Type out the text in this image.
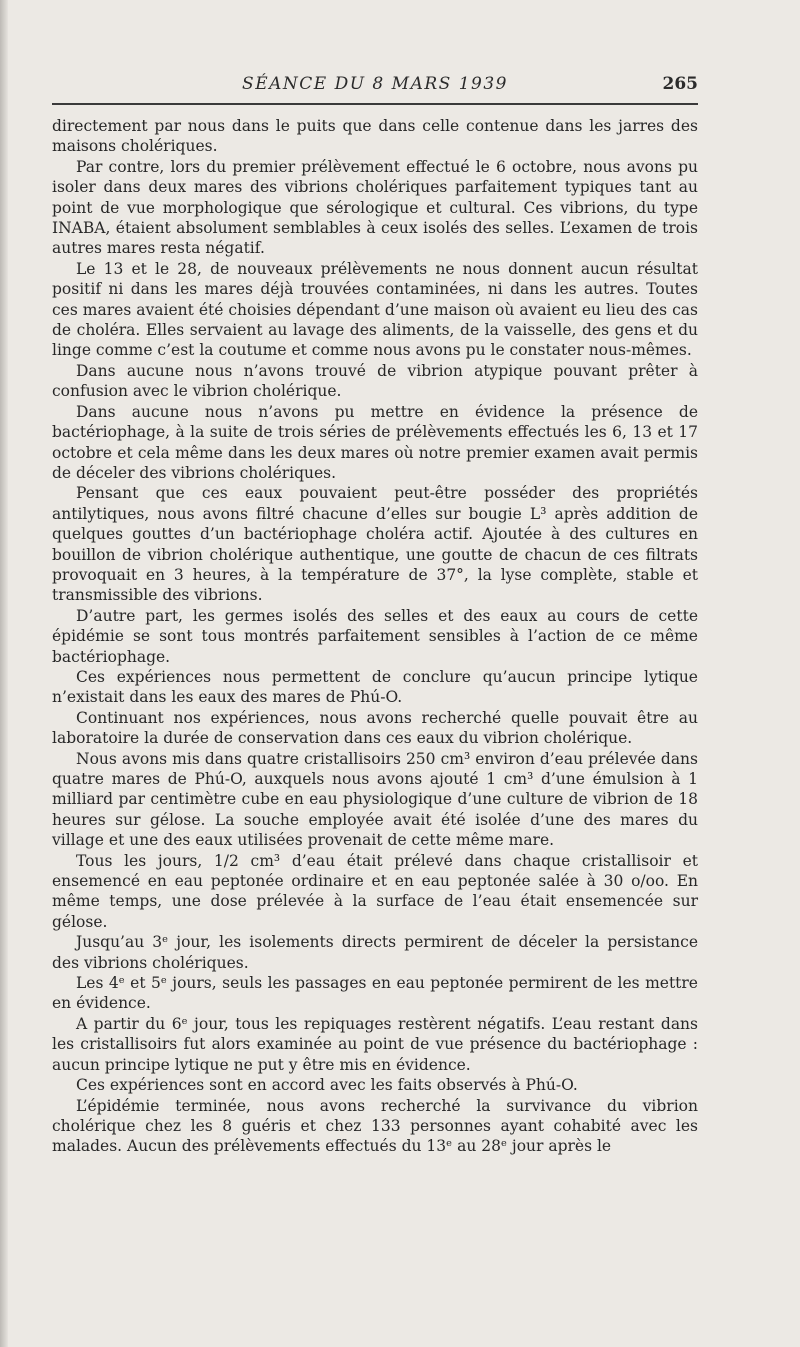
SÉANCE DU 8 MARS 1939	265

directement par nous dans le puits que dans celle contenue dans les jarres des maisons cholériques.

Par contre, lors du premier prélèvement effectué le 6 octobre, nous avons pu isoler dans deux mares des vibrions cholériques parfaitement typiques tant au point de vue morphologique que sérologique et cultural. Ces vibrions, du type INABA, étaient absolument semblables à ceux isolés des selles. L’examen de trois autres mares resta négatif.

Le 13 et le 28, de nouveaux prélèvements ne nous donnent aucun résultat positif ni dans les mares déjà trouvées contaminées, ni dans les autres. Toutes ces mares avaient été choisies dépendant d’une maison où avaient eu lieu des cas de choléra. Elles servaient au lavage des aliments, de la vaisselle, des gens et du linge comme c’est la coutume et comme nous avons pu le constater nous-mêmes.

Dans aucune nous n’avons trouvé de vibrion atypique pouvant prêter à confusion avec le vibrion cholérique.

Dans aucune nous n’avons pu mettre en évidence la présence de bactériophage, à la suite de trois séries de prélèvements effectués les 6, 13 et 17 octobre et cela même dans les deux mares où notre premier examen avait permis de déceler des vibrions cholériques.

Pensant que ces eaux pouvaient peut-être posséder des propriétés antilytiques, nous avons filtré chacune d’elles sur bougie L³ après addition de quelques gouttes d’un bactériophage choléra actif. Ajoutée à des cultures en bouillon de vibrion cholérique authentique, une goutte de chacun de ces filtrats provoquait en 3 heures, à la température de 37°, la lyse complète, stable et transmissible des vibrions.

D’autre part, les germes isolés des selles et des eaux au cours de cette épidémie se sont tous montrés parfaitement sensibles à l’action de ce même bactériophage.

Ces expériences nous permettent de conclure qu’aucun principe lytique n’existait dans les eaux des mares de Phú-O.

Continuant nos expériences, nous avons recherché quelle pouvait être au laboratoire la durée de conservation dans ces eaux du vibrion cholérique.

Nous avons mis dans quatre cristallisoirs 250 cm³ environ d’eau prélevée dans quatre mares de Phú-O, auxquels nous avons ajouté 1 cm³ d’une émulsion à 1 milliard par centimètre cube en eau physiologique d’une culture de vibrion de 18 heures sur gélose. La souche employée avait été isolée d’une des mares du village et une des eaux utilisées provenait de cette même mare.

Tous les jours, 1/2 cm³ d’eau était prélevé dans chaque cristallisoir et ensemencé en eau peptonée ordinaire et en eau peptonée salée à 30 o/oo. En même temps, une dose prélevée à la surface de l’eau était ensemencée sur gélose.

Jusqu’au 3ᵉ jour, les isolements directs permirent de déceler la persistance des vibrions cholériques.

Les 4ᵉ et 5ᵉ jours, seuls les passages en eau peptonée permirent de les mettre en évidence.

A partir du 6ᵉ jour, tous les repiquages restèrent négatifs. L’eau restant dans les cristallisoirs fut alors examinée au point de vue présence du bactériophage : aucun principe lytique ne put y être mis en évidence.

Ces expériences sont en accord avec les faits observés à Phú-O.

L’épidémie terminée, nous avons recherché la survivance du vibrion cholérique chez les 8 guéris et chez 133 personnes ayant cohabité avec les malades. Aucun des prélèvements effectués du 13ᵉ au 28ᵉ jour après le
